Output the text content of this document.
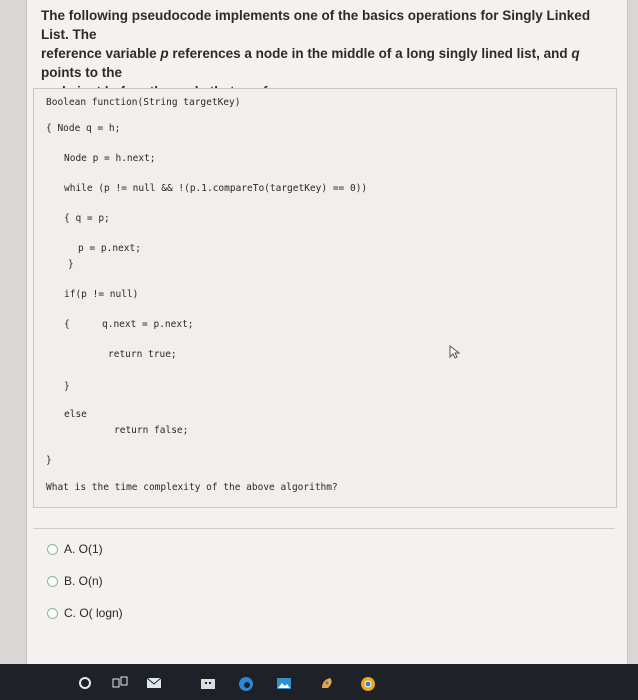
The following pseudocode implements one of the basics operations for Singly Linked List. The
reference variable p references a node in the middle of a long singly lined list, and q points to the
Boolean function(String targetKey)
{ Node q = h;
Node p = h.next;
while (p != null && !(p.1.compareTo(targetKey) == 0))
{ q = p;
p = p.next;
}
if(p != null)
{	q.next = p.next;
return true;
}
else
return false;
}
What is the time complexity of the above algorithm?
A. O(1)
B. O(n)
C. O( logn)
